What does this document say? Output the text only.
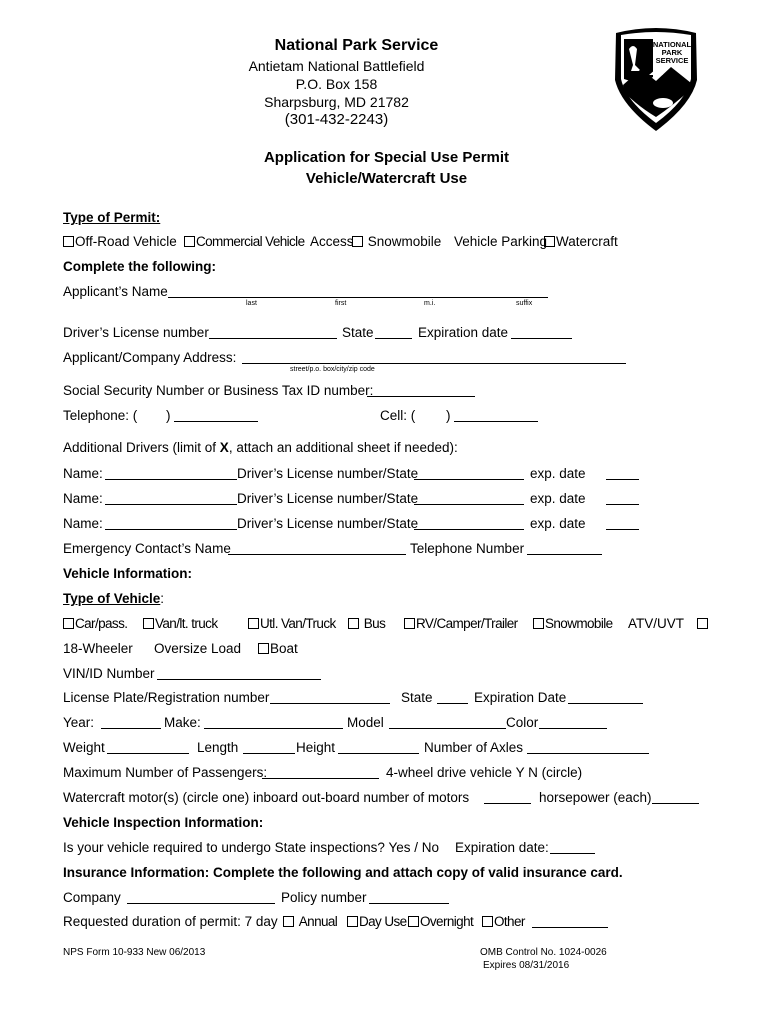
National Park Service
Antietam National Battlefield
P.O. Box 158
Sharpsburg, MD 21782
(301-432-2243)
NATIONAL
PARK
SERVICE
Application for Special Use Permit
Vehicle/Watercraft Use
Type of Permit:
Off-Road Vehicle	Commercial Vehicle Access	Snowmobile Vehicle Parking Watercraft
Complete the following:
Applicant’s Name
last	first	m.i.	suffix
Driver’s License number	State	Expiration date
Applicant/Company Address:
street/p.o. box/city/zip code
Social Security Number or Business Tax ID number:
Telephone: ( )	Cell: ( )
Additional Drivers (limit of X, attach an additional sheet if needed):
Name:	Driver’s License number/State	exp. date
Name:	Driver’s License number/State	exp. date
Name:	Driver’s License number/State	exp. date
Emergency Contact’s Name	Telephone Number
Vehicle Information:
Type of Vehicle:
Car/pass.	Van/lt. truck	Utl. Van/Truck	Bus	RV/Camper/Trailer	Snowmobile ATV/UVT
18-Wheeler Oversize Load	Boat
VIN/ID Number
License Plate/Registration number	State	Expiration Date
Year:	Make:	Model	Color
Weight	Length	Height	Number of Axles
Maximum Number of Passengers:	4-wheel drive vehicle Y N (circle)
Watercraft motor(s) (circle one) inboard out-board number of motors	horsepower (each)
Vehicle Inspection Information:
Is your vehicle required to undergo State inspections? Yes / No Expiration date:
Insurance Information: Complete the following and attach copy of valid insurance card.
Company	Policy number
Requested duration of permit: 7 day	Annual	Day Use Overnight	Other
NPS Form 10-933 New 06/2013	OMB Control No. 1024-0026
Expires 08/31/2016
